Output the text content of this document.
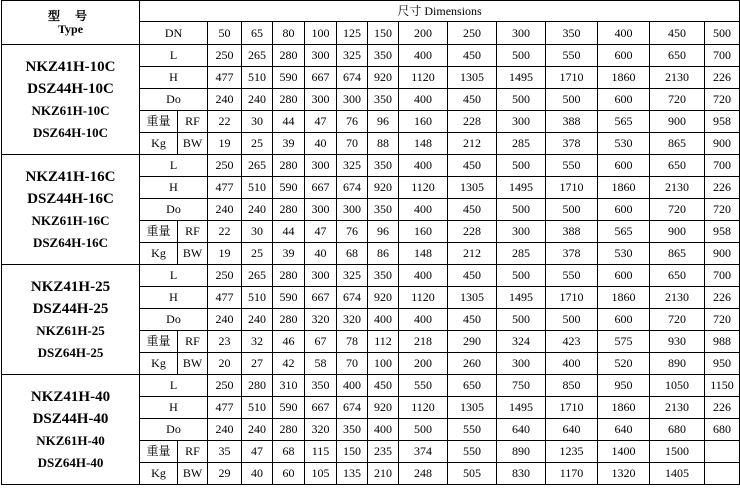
型 号
Type	尺寸 Dimensions														
	DN		50	65	80	100	125	150	200	250	300	350	400	450	500

NKZ41H-10C
DSZ44H-10C
NKZ61H-10C
DSZ64H-10C	L		250	265	280	300	325	350	400	450	500	550	600	650	700
	H		477	510	590	667	674	920	1120	1305	1495	1710	1860	2130	226
	Do		240	240	280	300	300	350	400	450	500	500	600	720	720
	重量	RF	22	30	44	47	76	96	160	228	300	388	565	900	958
	Kg	BW	19	25	39	40	70	88	148	212	285	378	530	865	900

NKZ41H-16C
DSZ44H-16C
NKZ61H-16C
DSZ64H-16C	L		250	265	280	300	325	350	400	450	500	550	600	650	700
	H		477	510	590	667	674	920	1120	1305	1495	1710	1860	2130	226
	Do		240	240	280	300	300	350	400	450	500	500	600	720	720
	重量	RF	22	30	44	47	76	96	160	228	300	388	565	900	958
	Kg	BW	19	25	39	40	68	86	148	212	285	378	530	865	900

NKZ41H-25
DSZ44H-25
NKZ61H-25
DSZ64H-25	L		250	265	280	300	325	350	400	450	500	550	600	650	700
	H		477	510	590	667	674	920	1120	1305	1495	1710	1860	2130	226
	Do		240	240	280	320	320	400	400	450	500	500	600	720	720
	重量	RF	23	32	46	67	78	112	218	290	324	423	575	930	988
	Kg	BW	20	27	42	58	70	100	200	260	300	400	520	890	950

NKZ41H-40
DSZ44H-40
NKZ61H-40
DSZ64H-40	L		250	280	310	350	400	450	550	650	750	850	950	1050	1150
	H		477	510	590	667	674	920	1120	1305	1495	1710	1860	2130	226
	Do		240	240	280	320	350	400	500	550	640	640	640	680	680
	重量	RF	35	47	68	115	150	235	374	550	890	1235	1400	1500	
	Kg	BW	29	40	60	105	135	210	248	505	830	1170	1320	1405	
